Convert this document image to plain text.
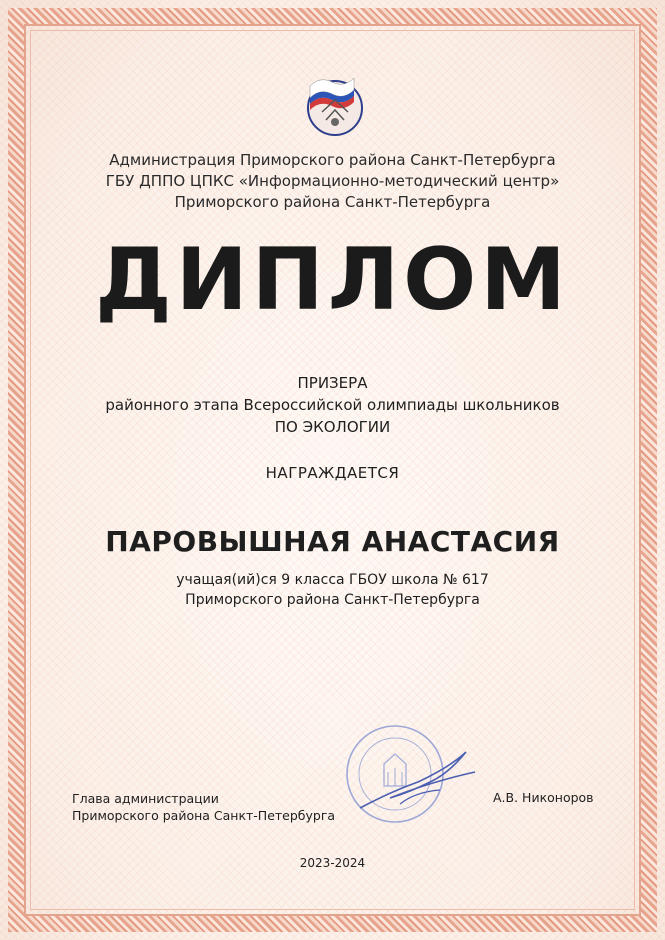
Администрация Приморского района Санкт-Петербурга
ГБУ ДППО ЦПКС «Информационно-методический центр»
Приморского района Санкт-Петербурга
ДИПЛОМ
ПРИЗЕРА
районного этапа Всероссийской олимпиады школьников
ПО ЭКОЛОГИИ
НАГРАЖДАЕТСЯ
ПАРОВЫШНАЯ АНАСТАСИЯ
учащая(ий)ся 9 класса ГБОУ школа № 617
Приморского района Санкт-Петербурга
Глава администрации
Приморского района Санкт-Петербурга
А.В. Никоноров
2023-2024
